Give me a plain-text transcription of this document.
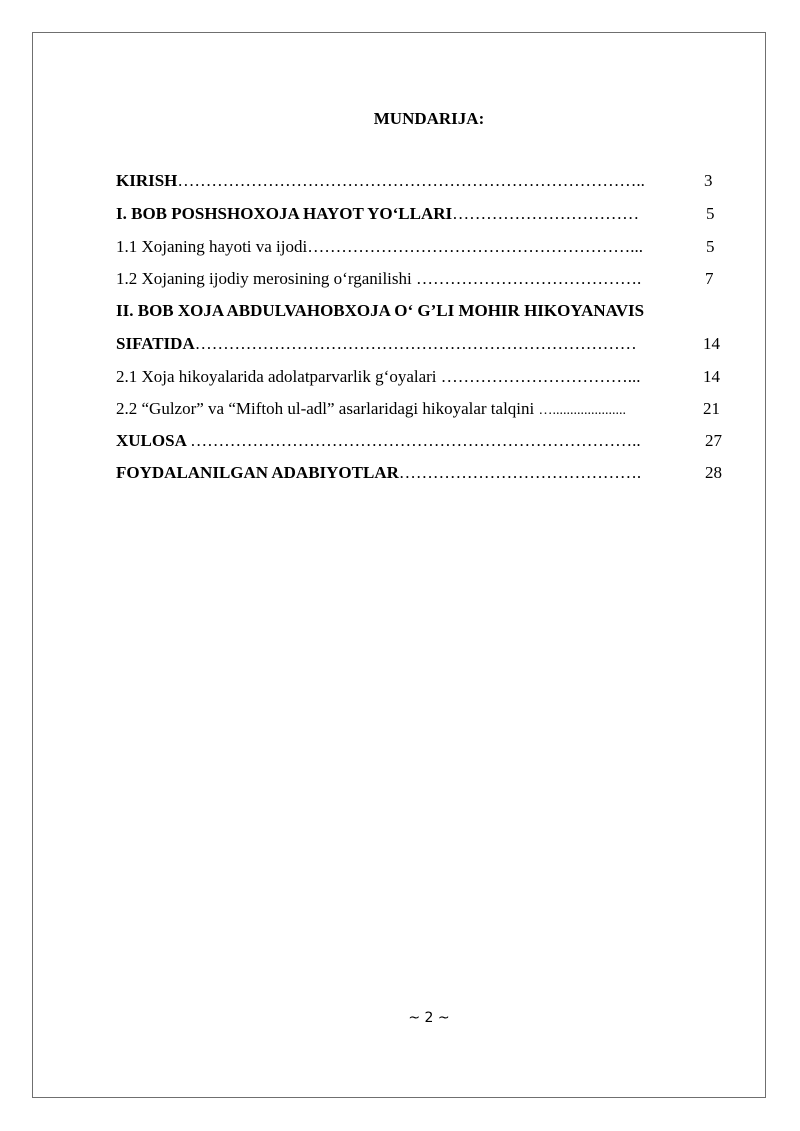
MUNDARIJA:
KIRISH………………………………………………………………………..	3
I. BOB POSHSHOXOJA HAYOT YO‘LLARI……………………………	5
1.1 Xojaning hayoti va ijodi…………………………………………………...	5
1.2 Xojaning ijodiy merosining o‘rganilishi ………………………………….	7
II. BOB XOJA ABDULVAHOBXOJA O‘ G’LI MOHIR HIKOYANAVIS
SIFATIDA……………………………………………………………………	14
2.1 Xoja hikoyalarida adolatparvarlik g‘oyalari ……………………………...	14
2.2 “Gulzor” va “Miftoh ul-adl” asarlaridagi hikoyalar talqini ….....................	21
XULOSA ……………………………………………………………………..	27
FOYDALANILGAN ADABIYOTLAR…………………………………….	28
~ 2 ~
